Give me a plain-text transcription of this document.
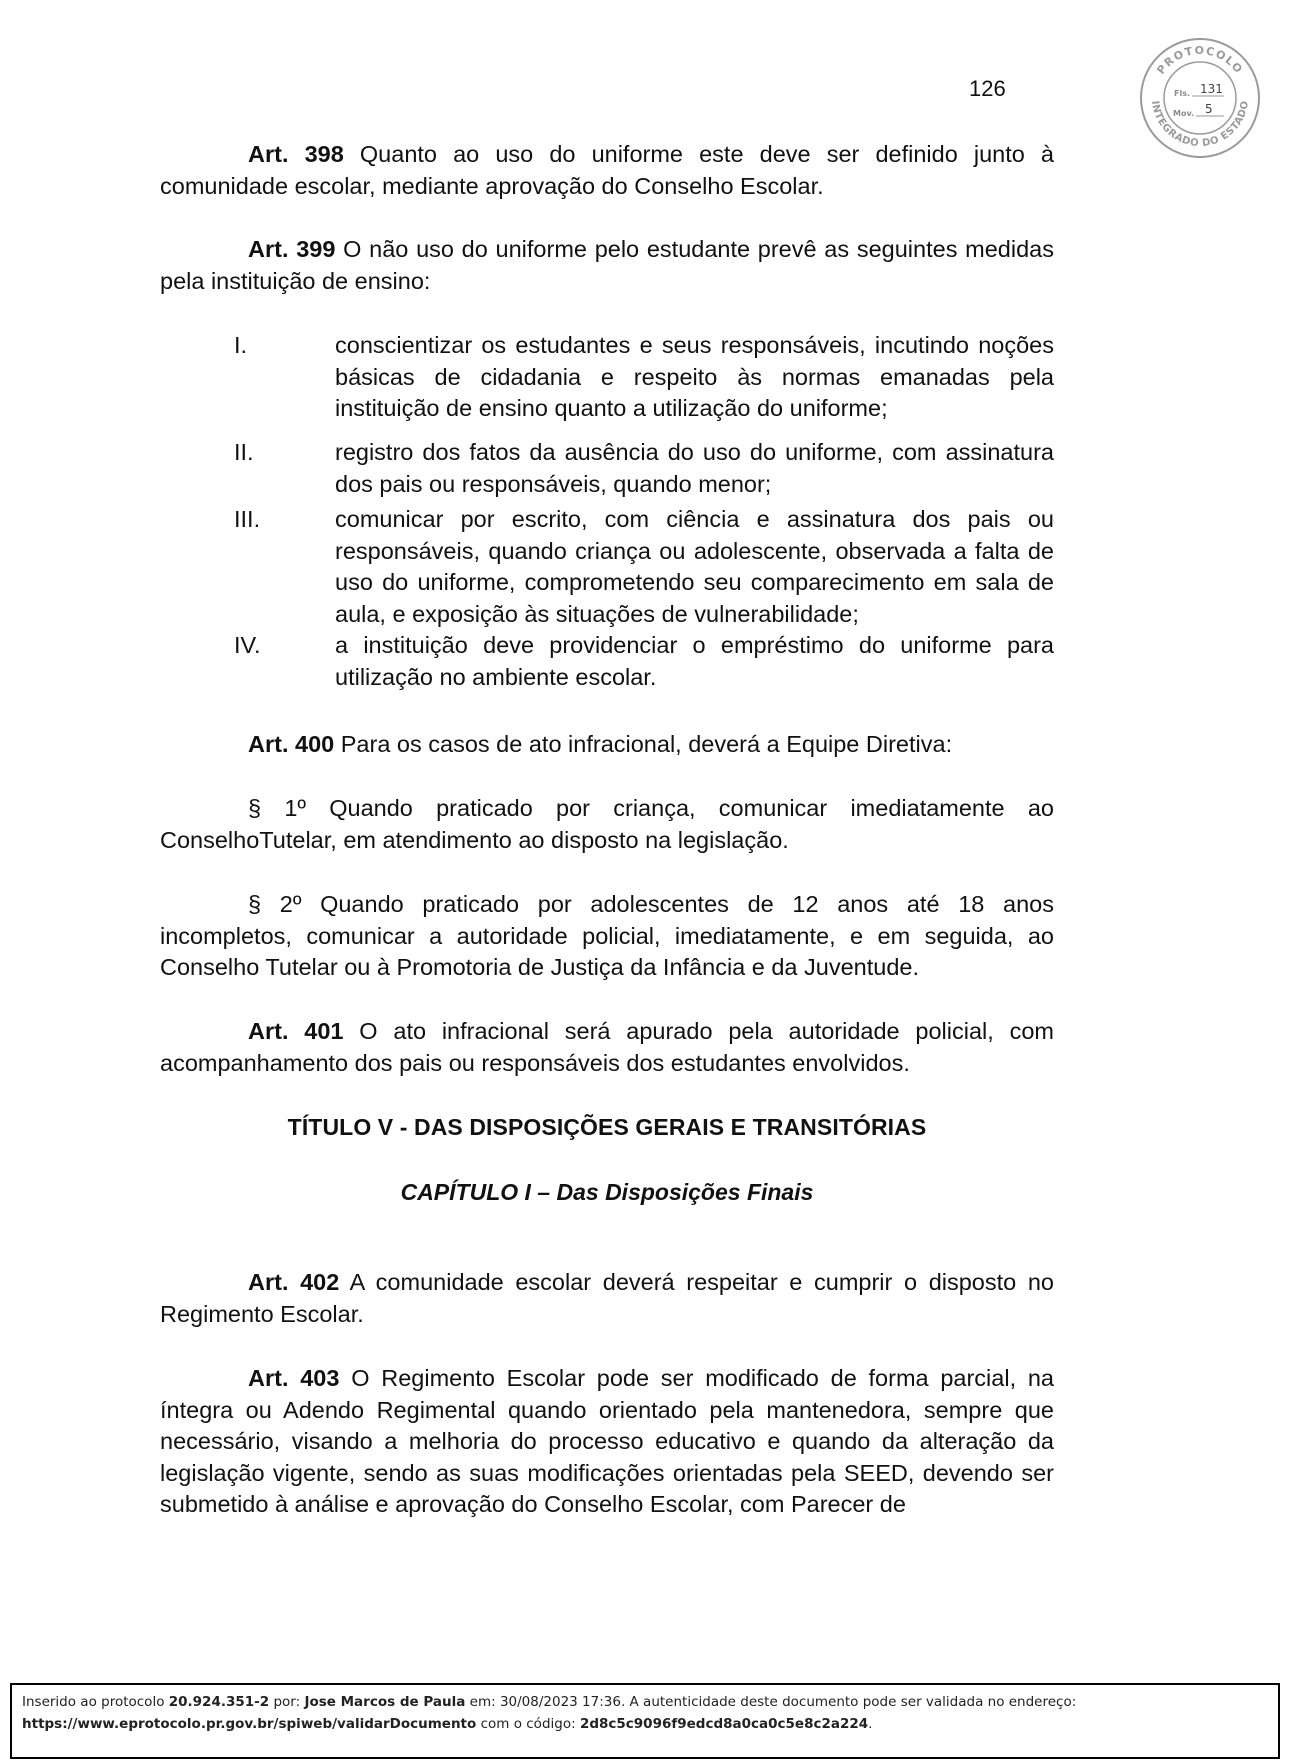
126
PROTOCOLO
INTEGRADO DO ESTADO
Fls. 131
Mov. 5
Art. 398 Quanto ao uso do uniforme este deve ser definido junto à comunidade escolar, mediante aprovação do Conselho Escolar.
Art. 399 O não uso do uniforme pelo estudante prevê as seguintes medidas pela instituição de ensino:
I.	conscientizar os estudantes e seus responsáveis, incutindo noções básicas de cidadania e respeito às normas emanadas pela instituição de ensino quanto a utilização do uniforme;
II.	registro dos fatos da ausência do uso do uniforme, com assinatura dos pais ou responsáveis, quando menor;
III.	comunicar por escrito, com ciência e assinatura dos pais ou responsáveis, quando criança ou adolescente, observada a falta de uso do uniforme, comprometendo seu comparecimento em sala de aula, e exposição às situações de vulnerabilidade;
IV.	a instituição deve providenciar o empréstimo do uniforme para utilização no ambiente escolar.
Art. 400 Para os casos de ato infracional, deverá a Equipe Diretiva:
§ 1º Quando praticado por criança, comunicar imediatamente ao ConselhoTutelar, em atendimento ao disposto na legislação.
§ 2º Quando praticado por adolescentes de 12 anos até 18 anos incompletos, comunicar a autoridade policial, imediatamente, e em seguida, ao Conselho Tutelar ou à Promotoria de Justiça da Infância e da Juventude.
Art. 401 O ato infracional será apurado pela autoridade policial, com acompanhamento dos pais ou responsáveis dos estudantes envolvidos.
TÍTULO V - DAS DISPOSIÇÕES GERAIS E TRANSITÓRIAS
CAPÍTULO I – Das Disposições Finais
Art. 402 A comunidade escolar deverá respeitar e cumprir o disposto no Regimento Escolar.
Art. 403 O Regimento Escolar pode ser modificado de forma parcial, na íntegra ou Adendo Regimental quando orientado pela mantenedora, sempre que necessário, visando a melhoria do processo educativo e quando da alteração da legislação vigente, sendo as suas modificações orientadas pela SEED, devendo ser submetido à análise e aprovação do Conselho Escolar, com Parecer de
Inserido ao protocolo 20.924.351-2 por: Jose Marcos de Paula em: 30/08/2023 17:36. A autenticidade deste documento pode ser validada no endereço:
https://www.eprotocolo.pr.gov.br/spiweb/validarDocumento com o código: 2d8c5c9096f9edcd8a0ca0c5e8c2a224.
